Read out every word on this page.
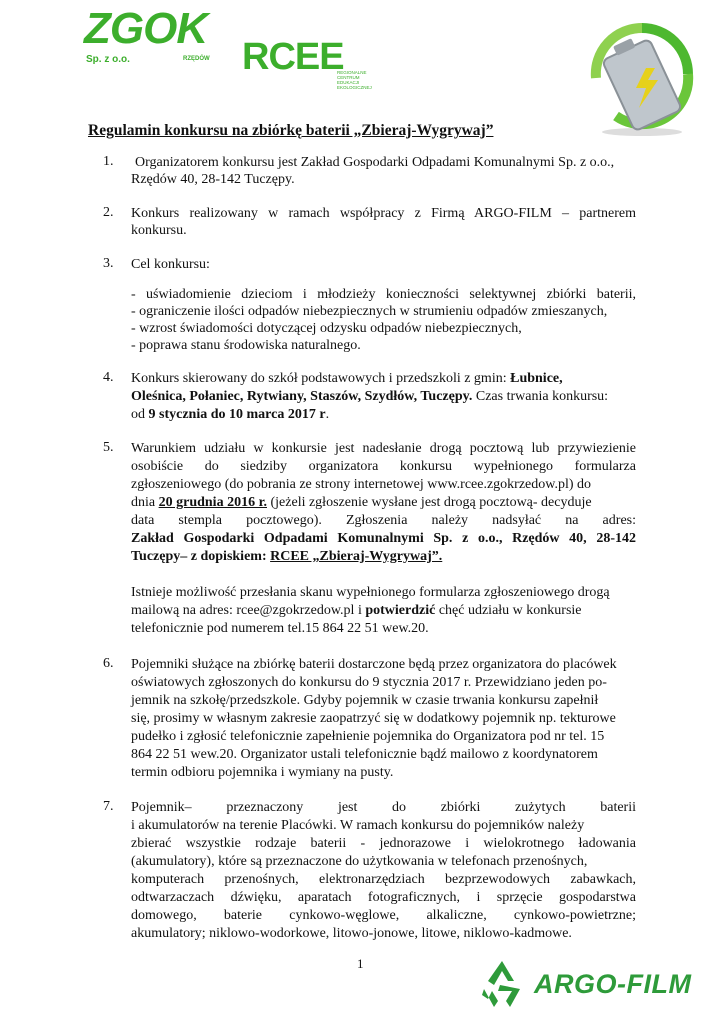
ZGOK
Sp. z o.o.	RZĘDÓW RCEE
REGIONALNE CENTRUM EDUKACJI EKOLOGICZNEJ
Regulamin konkursu na zbiórkę baterii „Zbieraj-Wygrywaj”
1. Organizatorem konkursu jest Zakład Gospodarki Odpadami Komunalnymi Sp. z o.o.,
Rzędów 40, 28-142 Tuczępy.
2. Konkurs realizowany w ramach współpracy z Firmą ARGO-FILM – partnerem
konkursu.
3. Cel konkursu:
- uświadomienie dzieciom i młodzieży konieczności selektywnej zbiórki baterii,
- ograniczenie ilości odpadów niebezpiecznych w strumieniu odpadów zmieszanych,
- wzrost świadomości dotyczącej odzysku odpadów niebezpiecznych,
- poprawa stanu środowiska naturalnego.
4. Konkurs skierowany do szkół podstawowych i przedszkoli z gmin: Łubnice,
Oleśnica, Połaniec, Rytwiany, Staszów, Szydłów, Tuczępy. Czas trwania konkursu:
od 9 stycznia do 10 marca 2017 r.
5. Warunkiem udziału w konkursie jest nadesłanie drogą pocztową lub przywiezienie
osobiście do siedziby organizatora konkursu wypełnionego formularza
zgłoszeniowego (do pobrania ze strony internetowej www.rcee.zgokrzedow.pl) do
dnia 20 grudnia 2016 r. (jeżeli zgłoszenie wysłane jest drogą pocztową- decyduje
data stempla pocztowego). Zgłoszenia należy nadsyłać na adres:
Zakład Gospodarki Odpadami Komunalnymi Sp. z o.o., Rzędów 40, 28-142
Tuczępy– z dopiskiem: RCEE „Zbieraj-Wygrywaj”.
Istnieje możliwość przesłania skanu wypełnionego formularza zgłoszeniowego drogą
mailową na adres: rcee@zgokrzedow.pl i potwierdzić chęć udziału w konkursie
telefonicznie pod numerem tel.15 864 22 51 wew.20.
6. Pojemniki służące na zbiórkę baterii dostarczone będą przez organizatora do placówek
oświatowych zgłoszonych do konkursu do 9 stycznia 2017 r. Przewidziano jeden po-
jemnik na szkołę/przedszkole. Gdyby pojemnik w czasie trwania konkursu zapełnił
się, prosimy w własnym zakresie zaopatrzyć się w dodatkowy pojemnik np. tekturowe
pudełko i zgłosić telefonicznie zapełnienie pojemnika do Organizatora pod nr tel. 15
864 22 51 wew.20. Organizator ustali telefonicznie bądź mailowo z koordynatorem
termin odbioru pojemnika i wymiany na pusty.
7. Pojemnik– przeznaczony jest do zbiórki zużytych baterii
i akumulatorów na terenie Placówki. W ramach konkursu do pojemników należy
zbierać wszystkie rodzaje baterii - jednorazowe i wielokrotnego ładowania
(akumulatory), które są przeznaczone do użytkowania w telefonach przenośnych,
komputerach przenośnych, elektronarzędziach bezprzewodowych zabawkach,
odtwarzaczach dźwięku, aparatach fotograficznych, i sprzęcie gospodarstwa
domowego, baterie cynkowo-węglowe, alkaliczne, cynkowo-powietrzne;
akumulatory; niklowo-wodorkowe, litowo-jonowe, litowe, niklowo-kadmowe.
1
ARGO-FILM
